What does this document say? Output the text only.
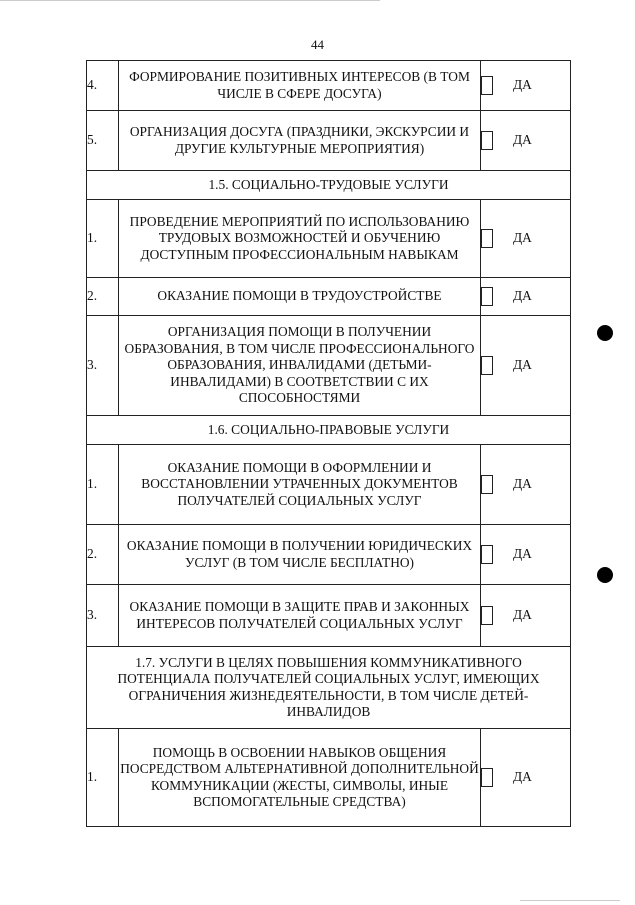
44
4.	ФОРМИРОВАНИЕ ПОЗИТИВНЫХ ИНТЕРЕСОВ (В ТОМ ЧИСЛЕ В СФЕРЕ ДОСУГА)	ДА

5.	ОРГАНИЗАЦИЯ ДОСУГА (ПРАЗДНИКИ, ЭКСКУРСИИ И ДРУГИЕ КУЛЬТУРНЫЕ МЕРОПРИЯТИЯ)	ДА

1.5. СОЦИАЛЬНО-ТРУДОВЫЕ УСЛУГИ		
1.	ПРОВЕДЕНИЕ МЕРОПРИЯТИЙ ПО ИСПОЛЬЗОВАНИЮ ТРУДОВЫХ ВОЗМОЖНОСТЕЙ И ОБУЧЕНИЮ ДОСТУПНЫМ ПРОФЕССИОНАЛЬНЫМ НАВЫКАМ	ДА

2.	ОКАЗАНИЕ ПОМОЩИ В ТРУДОУСТРОЙСТВЕ	ДА

3.	ОРГАНИЗАЦИЯ ПОМОЩИ В ПОЛУЧЕНИИ ОБРАЗОВАНИЯ, В ТОМ ЧИСЛЕ ПРОФЕССИОНАЛЬНОГО ОБРАЗОВАНИЯ, ИНВАЛИДАМИ (ДЕТЬМИ-ИНВАЛИДАМИ) В СООТВЕТСТВИИ С ИХ СПОСОБНОСТЯМИ	ДА

1.6. СОЦИАЛЬНО-ПРАВОВЫЕ УСЛУГИ		
1.	ОКАЗАНИЕ ПОМОЩИ В ОФОРМЛЕНИИ И ВОССТАНОВЛЕНИИ УТРАЧЕННЫХ ДОКУМЕНТОВ ПОЛУЧАТЕЛЕЙ СОЦИАЛЬНЫХ УСЛУГ	ДА

2.	ОКАЗАНИЕ ПОМОЩИ В ПОЛУЧЕНИИ ЮРИДИЧЕСКИХ УСЛУГ (В ТОМ ЧИСЛЕ БЕСПЛАТНО)	ДА

3.	ОКАЗАНИЕ ПОМОЩИ В ЗАЩИТЕ ПРАВ И ЗАКОННЫХ ИНТЕРЕСОВ ПОЛУЧАТЕЛЕЙ СОЦИАЛЬНЫХ УСЛУГ	ДА

1.7. УСЛУГИ В ЦЕЛЯХ ПОВЫШЕНИЯ КОММУНИКАТИВНОГО ПОТЕНЦИАЛА ПОЛУЧАТЕЛЕЙ СОЦИАЛЬНЫХ УСЛУГ, ИМЕЮЩИХ ОГРАНИЧЕНИЯ ЖИЗНЕДЕЯТЕЛЬНОСТИ, В ТОМ ЧИСЛЕ ДЕТЕЙ-ИНВАЛИДОВ		
1.	ПОМОЩЬ В ОСВОЕНИИ НАВЫКОВ ОБЩЕНИЯ ПОСРЕДСТВОМ АЛЬТЕРНАТИВНОЙ ДОПОЛНИТЕЛЬНОЙ КОММУНИКАЦИИ (ЖЕСТЫ, СИМВОЛЫ, ИНЫЕ ВСПОМОГАТЕЛЬНЫЕ СРЕДСТВА)	ДА
